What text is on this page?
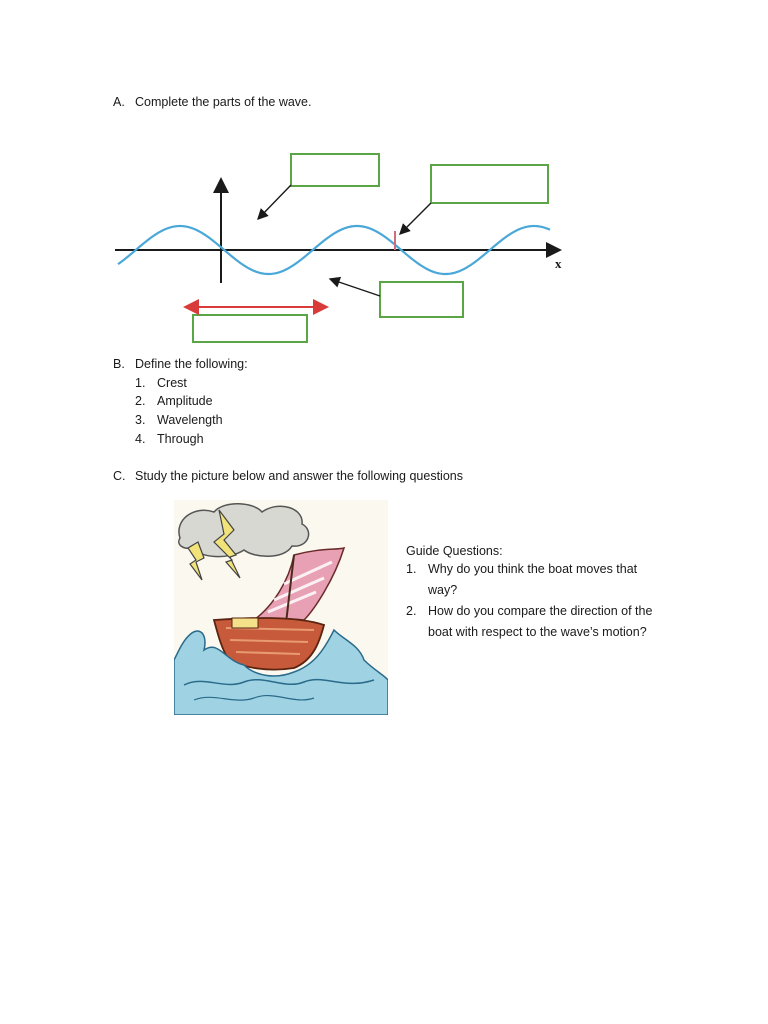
A. Complete the parts of the wave.
x
B. Define the following:
1. Crest
2. Amplitude
3. Wavelength
4. Through
C. Study the picture below and answer the following questions
Guide Questions:
1. Why do you think the boat moves that
way?
2. How do you compare the direction of the
boat with respect to the wave’s motion?
